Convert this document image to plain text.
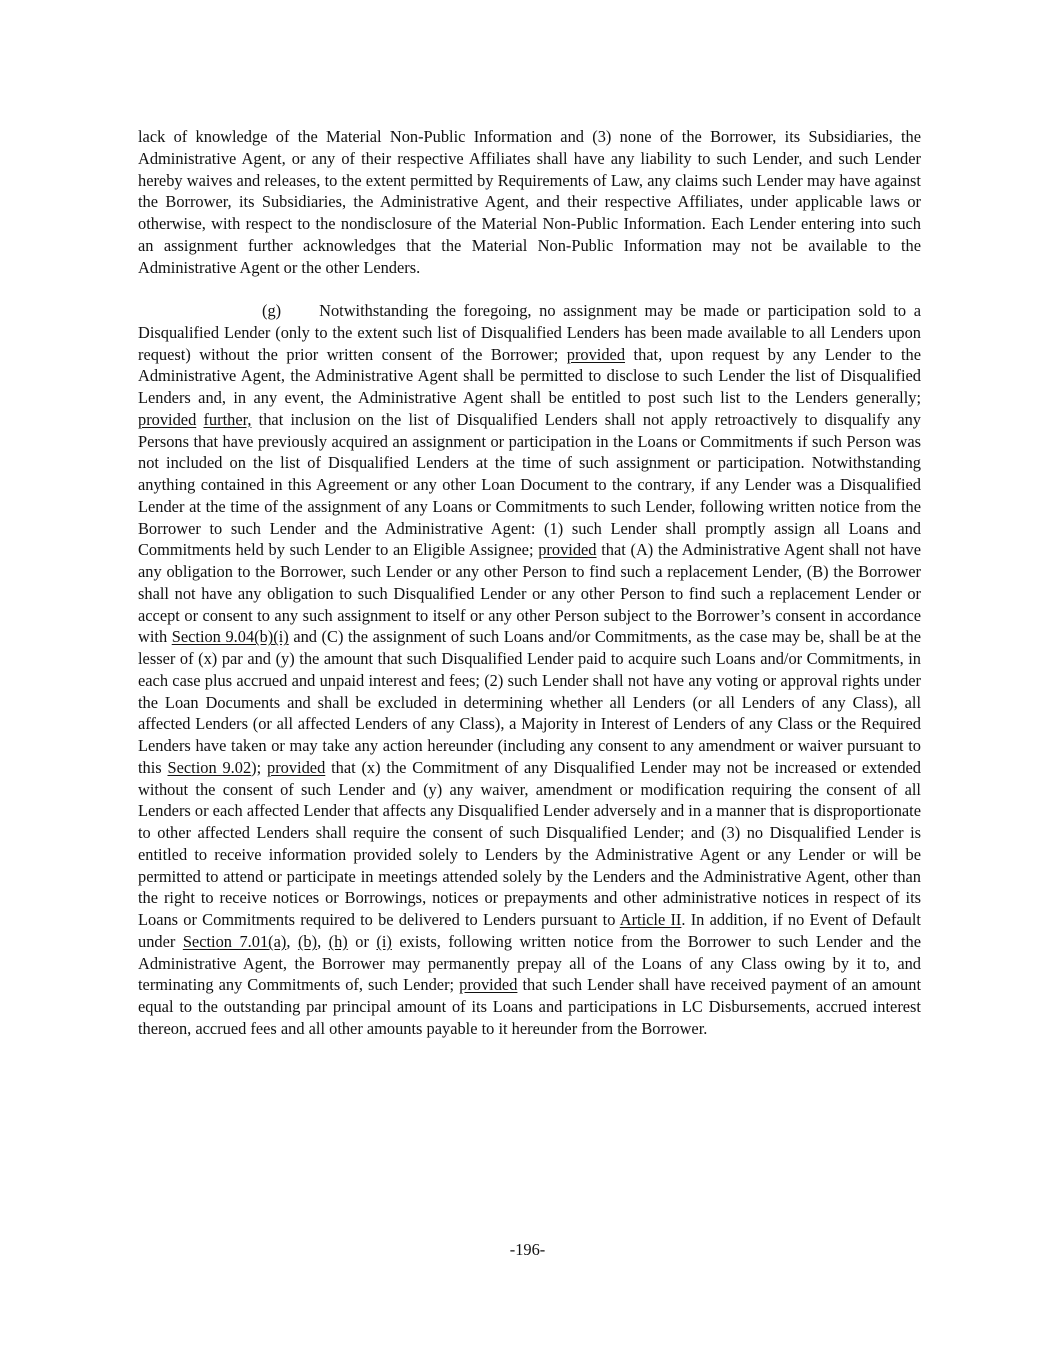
lack of knowledge of the Material Non-Public Information and (3) none of the Borrower, its Subsidiaries, the Administrative Agent, or any of their respective Affiliates shall have any liability to such Lender, and such Lender hereby waives and releases, to the extent permitted by Requirements of Law, any claims such Lender may have against the Borrower, its Subsidiaries, the Administrative Agent, and their respective Affiliates, under applicable laws or otherwise, with respect to the nondisclosure of the Material Non-Public Information. Each Lender entering into such an assignment further acknowledges that the Material Non-Public Information may not be available to the Administrative Agent or the other Lenders.

(g) Notwithstanding the foregoing, no assignment may be made or participation sold to a Disqualified Lender (only to the extent such list of Disqualified Lenders has been made available to all Lenders upon request) without the prior written consent of the Borrower; provided that, upon request by any Lender to the Administrative Agent, the Administrative Agent shall be permitted to disclose to such Lender the list of Disqualified Lenders and, in any event, the Administrative Agent shall be entitled to post such list to the Lenders generally; provided further, that inclusion on the list of Disqualified Lenders shall not apply retroactively to disqualify any Persons that have previously acquired an assignment or participation in the Loans or Commitments if such Person was not included on the list of Disqualified Lenders at the time of such assignment or participation. Notwithstanding anything contained in this Agreement or any other Loan Document to the contrary, if any Lender was a Disqualified Lender at the time of the assignment of any Loans or Commitments to such Lender, following written notice from the Borrower to such Lender and the Administrative Agent: (1) such Lender shall promptly assign all Loans and Commitments held by such Lender to an Eligible Assignee; provided that (A) the Administrative Agent shall not have any obligation to the Borrower, such Lender or any other Person to find such a replacement Lender, (B) the Borrower shall not have any obligation to such Disqualified Lender or any other Person to find such a replacement Lender or accept or consent to any such assignment to itself or any other Person subject to the Borrower’s consent in accordance with Section 9.04(b)(i) and (C) the assignment of such Loans and/or Commitments, as the case may be, shall be at the lesser of (x) par and (y) the amount that such Disqualified Lender paid to acquire such Loans and/or Commitments, in each case plus accrued and unpaid interest and fees; (2) such Lender shall not have any voting or approval rights under the Loan Documents and shall be excluded in determining whether all Lenders (or all Lenders of any Class), all affected Lenders (or all affected Lenders of any Class), a Majority in Interest of Lenders of any Class or the Required Lenders have taken or may take any action hereunder (including any consent to any amendment or waiver pursuant to this Section 9.02); provided that (x) the Commitment of any Disqualified Lender may not be increased or extended without the consent of such Lender and (y) any waiver, amendment or modification requiring the consent of all Lenders or each affected Lender that affects any Disqualified Lender adversely and in a manner that is disproportionate to other affected Lenders shall require the consent of such Disqualified Lender; and (3) no Disqualified Lender is entitled to receive information provided solely to Lenders by the Administrative Agent or any Lender or will be permitted to attend or participate in meetings attended solely by the Lenders and the Administrative Agent, other than the right to receive notices or Borrowings, notices or prepayments and other administrative notices in respect of its Loans or Commitments required to be delivered to Lenders pursuant to Article II. In addition, if no Event of Default under Section 7.01(a), (b), (h) or (i) exists, following written notice from the Borrower to such Lender and the Administrative Agent, the Borrower may permanently prepay all of the Loans of any Class owing by it to, and terminating any Commitments of, such Lender; provided that such Lender shall have received payment of an amount equal to the outstanding par principal amount of its Loans and participations in LC Disbursements, accrued interest thereon, accrued fees and all other amounts payable to it hereunder from the Borrower.

-196-
